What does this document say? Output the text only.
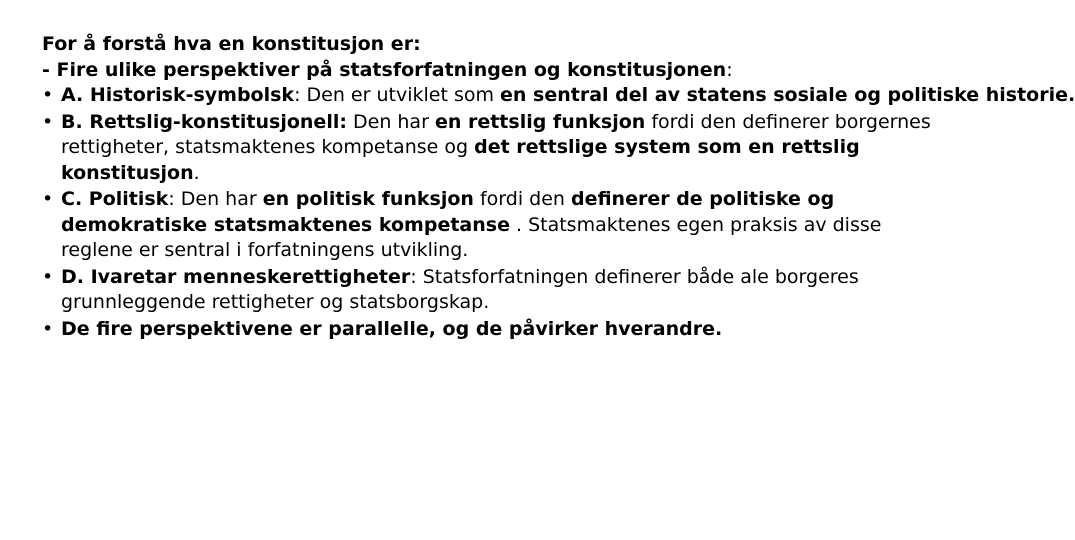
For å forstå hva en konstitusjon er:
- Fire ulike perspektiver på statsforfatningen og konstitusjonen:
• A. Historisk-symbolsk: Den er utviklet som en sentral del av statens sosiale og politiske historie.
• B. Rettslig-konstitusjonell: Den har en rettslig funksjon fordi den definerer borgernes rettigheter, statsmaktenes kompetanse og det rettslige system som en rettslig konstitusjon.
• C. Politisk: Den har en politisk funksjon fordi den definerer de politiske og demokratiske statsmaktenes kompetanse . Statsmaktenes egen praksis av disse reglene er sentral i forfatningens utvikling.
• D. Ivaretar menneskerettigheter: Statsforfatningen definerer både ale borgeres grunnleggende rettigheter og statsborgskap.
• De fire perspektivene er parallelle, og de påvirker hverandre.
